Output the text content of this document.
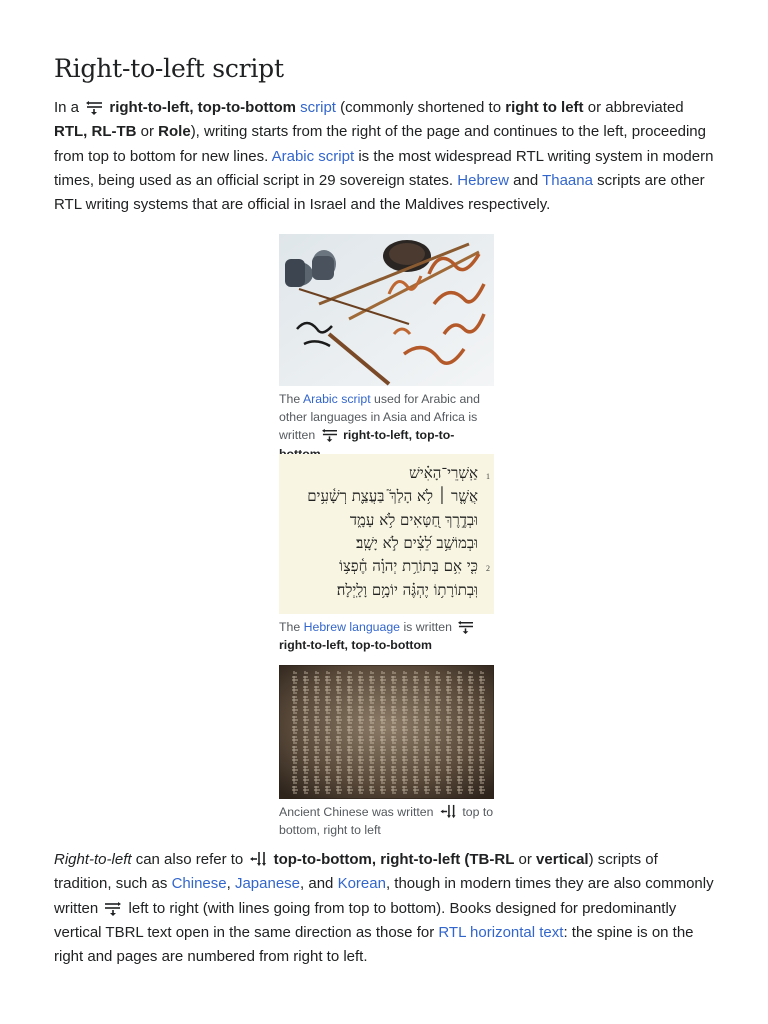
Right-to-left script
In a right-to-left, top-to-bottom script (commonly shortened to right to left or abbreviated RTL, RL-TB or Role), writing starts from the right of the page and continues to the left, proceeding from top to bottom for new lines. Arabic script is the most widespread RTL writing system in modern times, being used as an official script in 29 sovereign states. Hebrew and Thaana scripts are other RTL writing systems that are official in Israel and the Maldives respectively.
The Arabic script used for Arabic and other languages in Asia and Africa is written right-to-left, top-to-
1
2
אַֽשְׁרֵי־הָאִ֗ישׁ
אֲשֶׁ֤ר ׀ לֹ֥א הָלַךְ֮ בַּעֲצַ֪ת רְשָׁ֫עִ֥ים
וּבְדֶ֣רֶךְ חַ֭טָּאִים לֹ֥א עָמָ֑ד
וּבְמוֹשַׁ֥ב לֵ֝צִ֗ים לֹ֣א יָשָֽׁב׃
כִּ֤י אִ֥ם בְּתוֹרַ֥ת יְהוָ֗ה חֶ֫פְצ֥וֹ
וּֽבְתוֹרָת֥וֹ יֶהְגֶּ֗ה יוֹמָ֥ם וָלָֽיְלָה׃
The Hebrew language is written  right-to-left, top-to-bottom
Ancient Chinese was written top to bottom, right to left
Right-to-left can also refer to top-to-bottom, right-to-left (TB-RL or vertical) scripts of tradition, such as Chinese, Japanese, and Korean, though in modern times they are also commonly written left to right (with lines going from top to bottom). Books designed for predominantly vertical TBRL text open in the same direction as those for RTL horizontal text: the spine is on the right and pages are numbered from right to left.
